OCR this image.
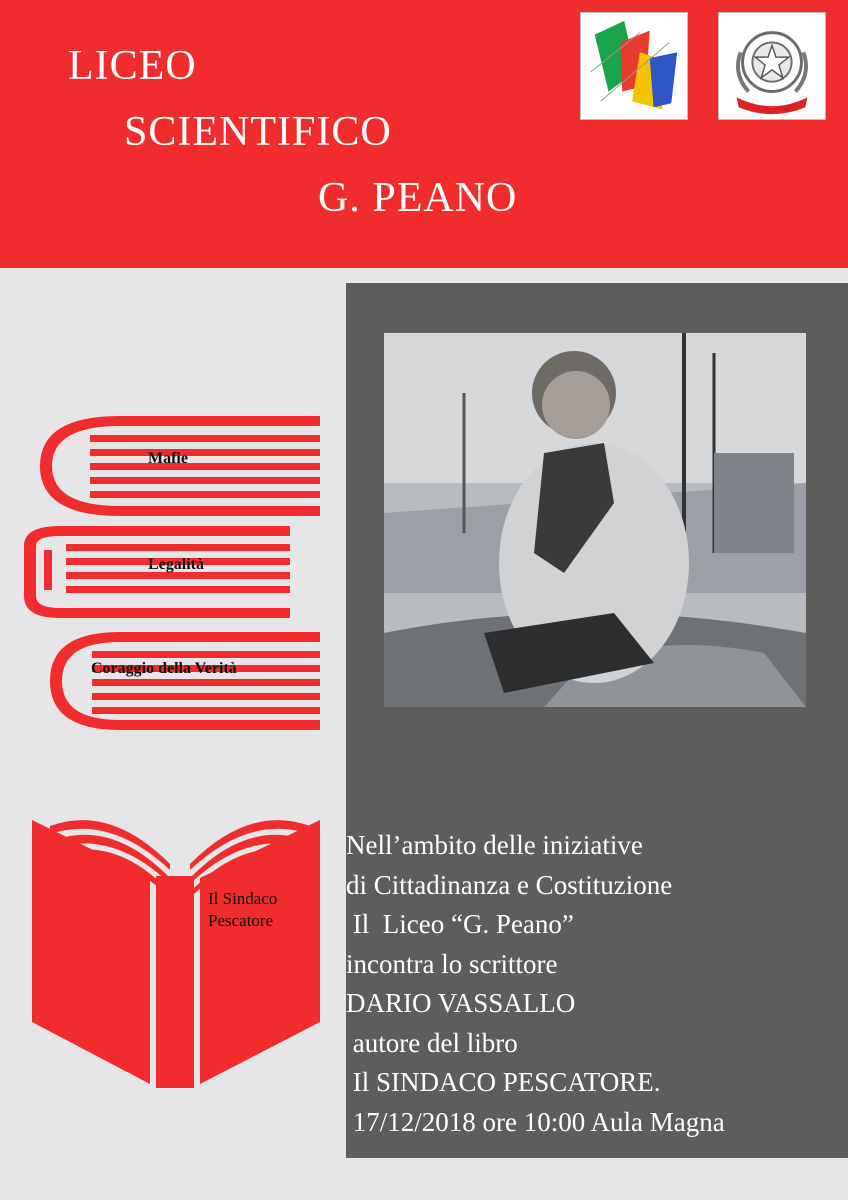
LICEO
SCIENTIFICO
G. PEANO
Mafie
Legalità
Coraggio della Verità
Il Sindaco
Pescatore
Nell’ambito delle iniziative
di Cittadinanza e Costituzione
Il  Liceo “G. Peano”
incontra lo scrittore
DARIO VASSALLO
autore del libro
Il SINDACO PESCATORE.
17/12/2018 ore 10:00 Aula Magna
